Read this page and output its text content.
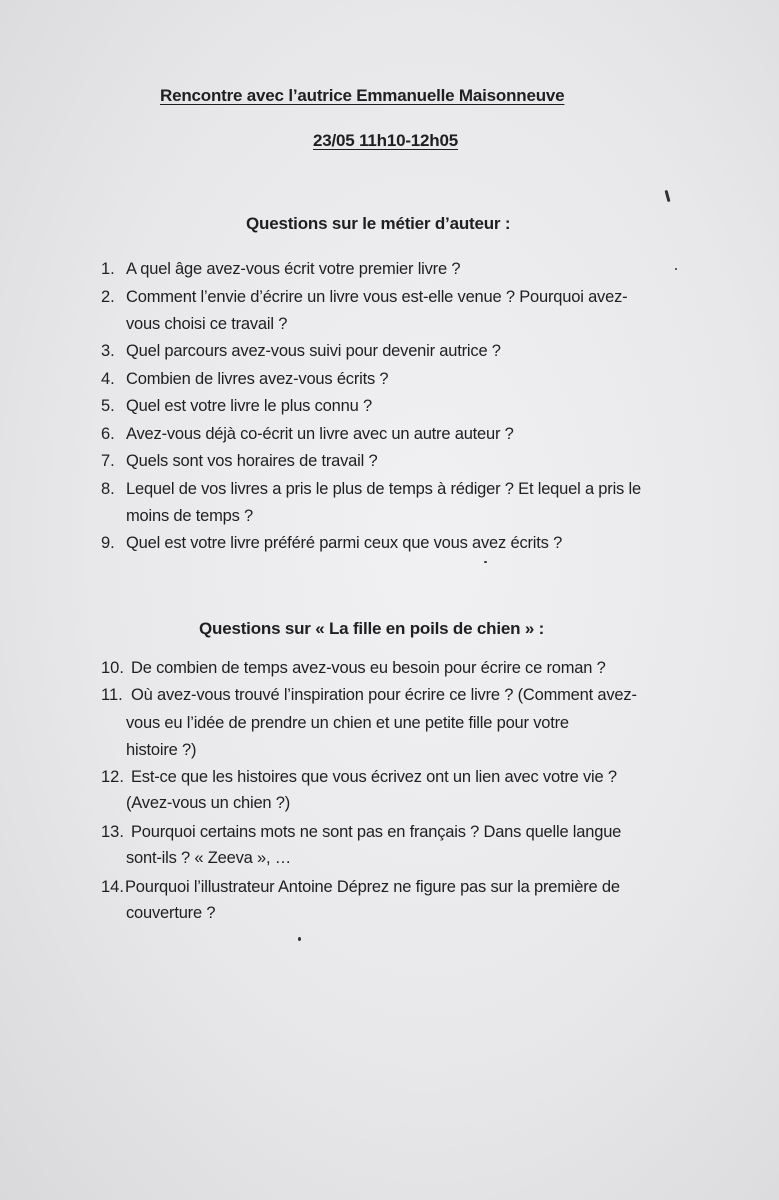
Rencontre avec l’autrice Emmanuelle Maisonneuve
23/05 11h10-12h05
Questions sur le métier d’auteur :
1. A quel âge avez-vous écrit votre premier livre ?
2. Comment l’envie d’écrire un livre vous est-elle venue ? Pourquoi avez-
vous choisi ce travail ?
3. Quel parcours avez-vous suivi pour devenir autrice ?
4. Combien de livres avez-vous écrits ?
5. Quel est votre livre le plus connu ?
6. Avez-vous déjà co-écrit un livre avec un autre auteur ?
7. Quels sont vos horaires de travail ?
8. Lequel de vos livres a pris le plus de temps à rédiger ? Et lequel a pris le
moins de temps ?
9. Quel est votre livre préféré parmi ceux que vous avez écrits ?
Questions sur « La fille en poils de chien » :
10. De combien de temps avez-vous eu besoin pour écrire ce roman ?
11. Où avez-vous trouvé l’inspiration pour écrire ce livre ? (Comment avez-
vous eu l’idée de prendre un chien et une petite fille pour votre
histoire ?)
12. Est-ce que les histoires que vous écrivez ont un lien avec votre vie ?
(Avez-vous un chien ?)
13. Pourquoi certains mots ne sont pas en français ? Dans quelle langue
sont-ils ? « Zeeva », …
14. Pourquoi l’illustrateur Antoine Déprez ne figure pas sur la première de
couverture ?
